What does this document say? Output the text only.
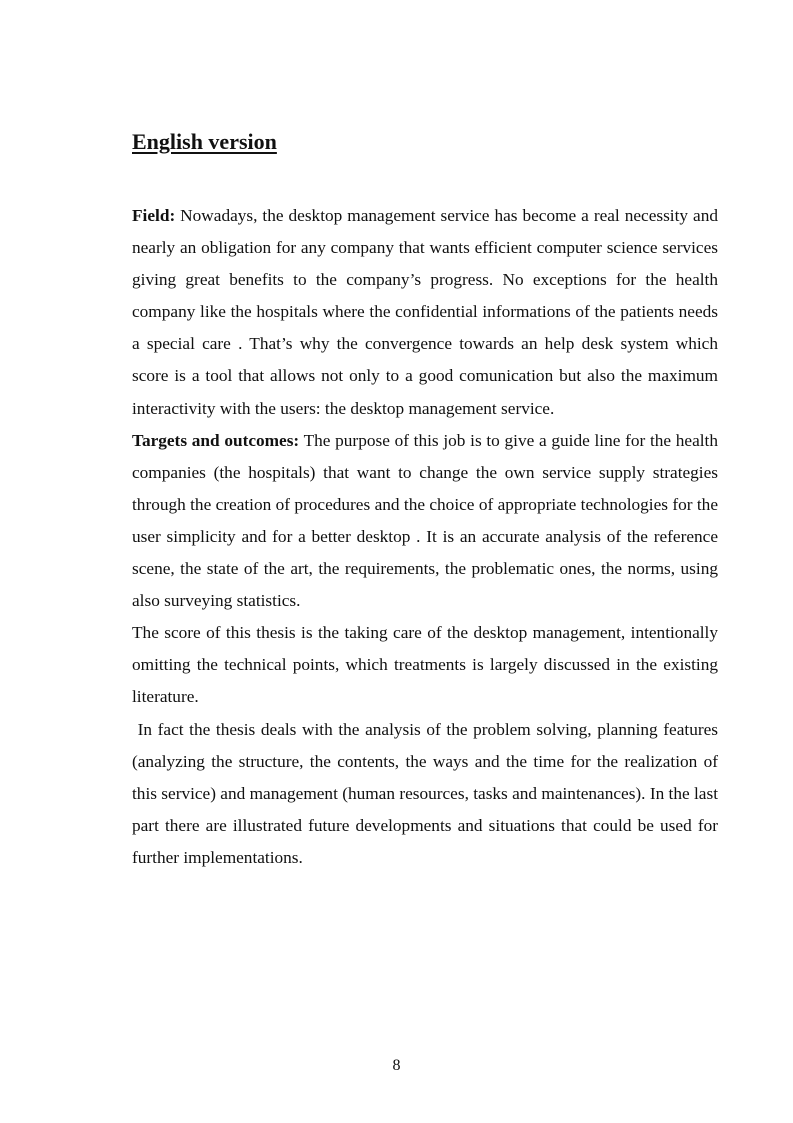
English version

Field: Nowadays, the desktop management service has become a real necessity and nearly an obligation for any company that wants efficient computer science services giving great benefits to the company’s progress. No exceptions for the health company like the hospitals where the confidential informations of the patients needs a special care . That’s why the convergence towards an help desk system which score is a tool that allows not only to a good comunication but also the maximum interactivity with the users: the desktop management service.

Targets and outcomes: The purpose of this job is to give a guide line for the health companies (the hospitals) that want to change the own service supply strategies through the creation of procedures and the choice of appropriate technologies for the user simplicity and for a better desktop . It is an accurate analysis of the reference scene, the state of the art, the requirements, the problematic ones, the norms, using also surveying statistics.

The score of this thesis is the taking care of the desktop management, intentionally omitting the technical points, which treatments is largely discussed in the existing literature.

In fact the thesis deals with the analysis of the problem solving, planning features (analyzing the structure, the contents, the ways and the time for the realization of this service) and management (human resources, tasks and maintenances). In the last part there are illustrated future developments and situations that could be used for further implementations.

8
